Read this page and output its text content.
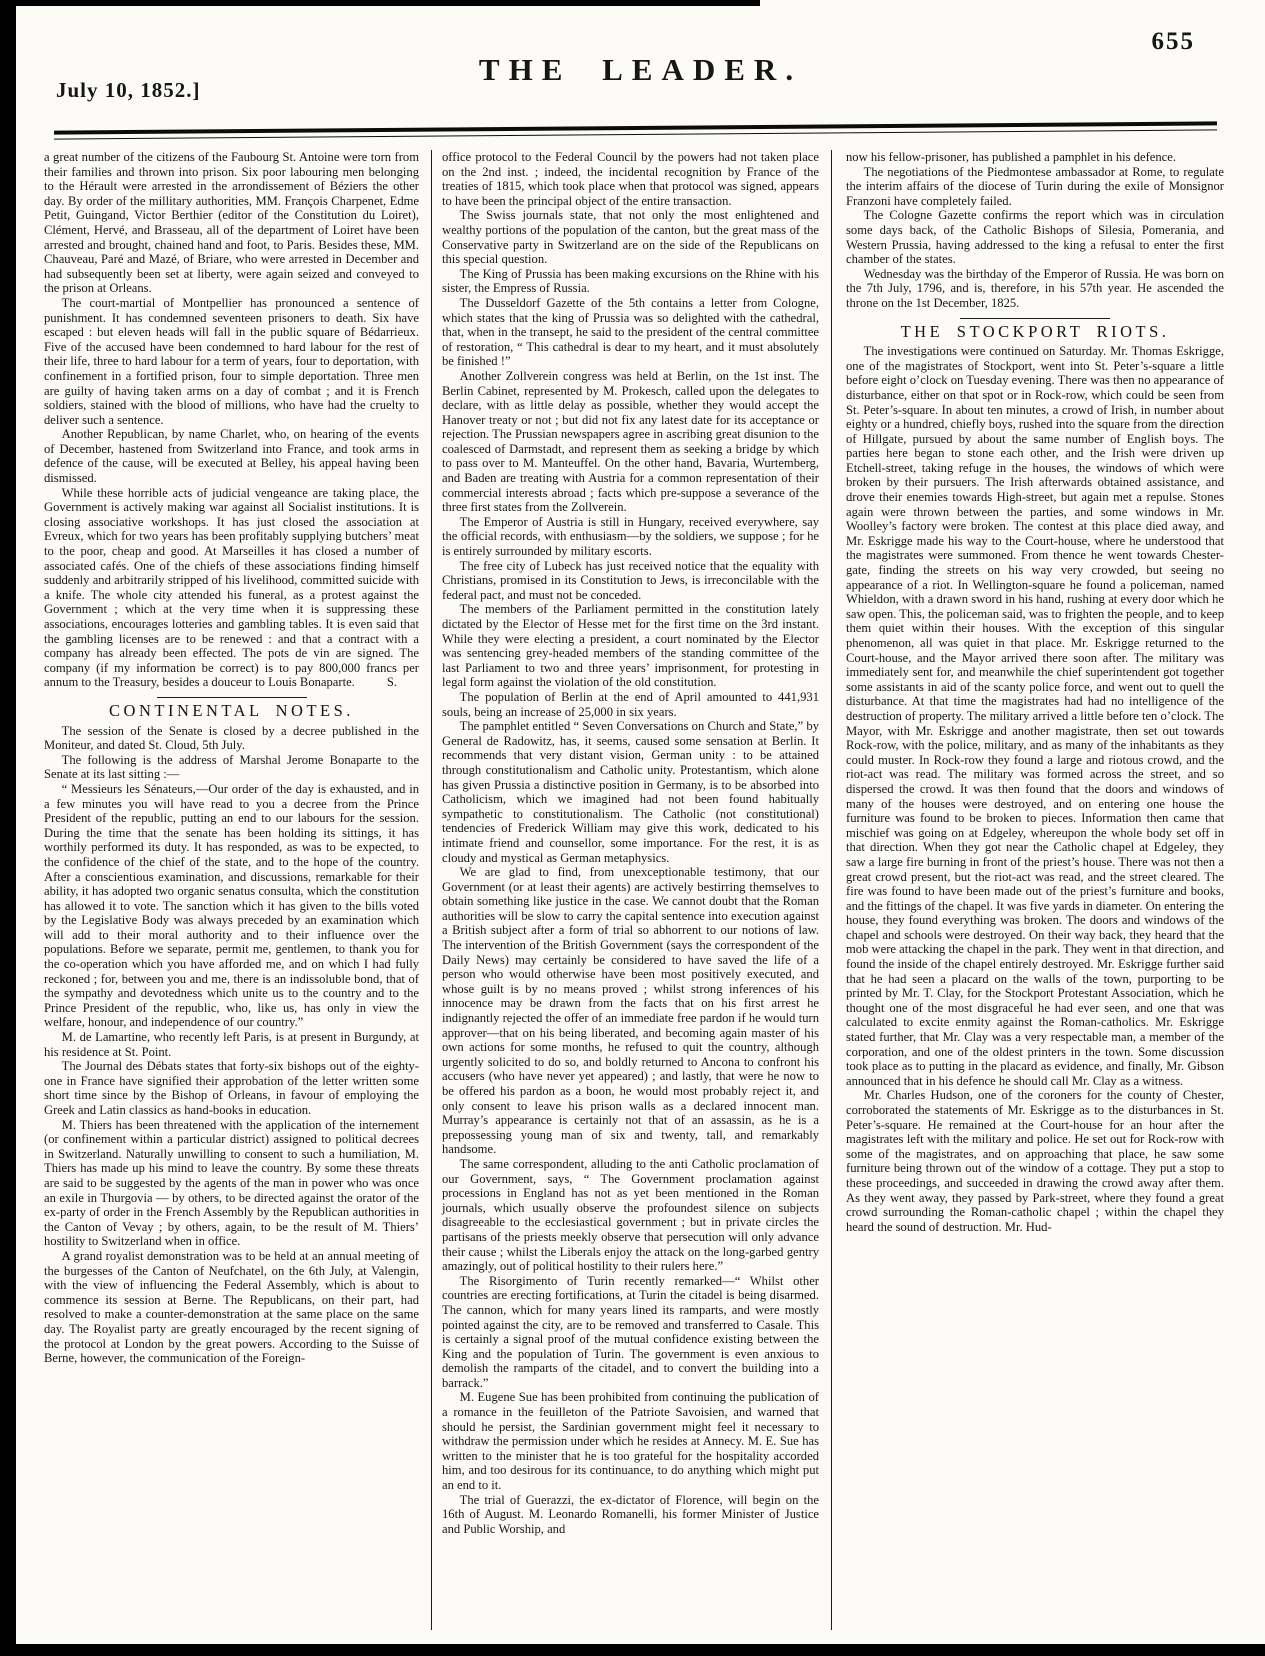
July 10, 1852.]
THE LEADER.
655

a great number of the citizens of the Faubourg St. Antoine were torn from their families and thrown into prison. Six poor labouring men belonging to the Hérault were arrested in the arrondissement of Béziers the other day. By order of the millitary authorities, MM. François Charpenet, Edme Petit, Guingand, Victor Berthier (editor of the Constitution du Loiret), Clément, Hervé, and Brasseau, all of the department of Loiret have been arrested and brought, chained hand and foot, to Paris. Besides these, MM. Chauveau, Paré and Mazé, of Briare, who were arrested in December and had subsequently been set at liberty, were again seized and conveyed to the prison at Orleans.

The court-martial of Montpellier has pronounced a sentence of punishment. It has condemned seventeen prisoners to death. Six have escaped : but eleven heads will fall in the public square of Bédarrieux. Five of the accused have been condemned to hard labour for the rest of their life, three to hard labour for a term of years, four to deportation, with confinement in a fortified prison, four to simple deportation. Three men are guilty of having taken arms on a day of combat ; and it is French soldiers, stained with the blood of millions, who have had the cruelty to deliver such a sentence.

Another Republican, by name Charlet, who, on hearing of the events of December, hastened from Switzerland into France, and took arms in defence of the cause, will be executed at Belley, his appeal having been dismissed.

While these horrible acts of judicial vengeance are taking place, the Government is actively making war against all Socialist institutions. It is closing associative workshops. It has just closed the association at Evreux, which for two years has been profitably supplying butchers’ meat to the poor, cheap and good. At Marseilles it has closed a number of associated cafés. One of the chiefs of these associations finding himself suddenly and arbitrarily stripped of his livelihood, committed suicide with a knife. The whole city attended his funeral, as a protest against the Government ; which at the very time when it is suppressing these associations, encourages lotteries and gambling tables. It is even said that the gambling licenses are to be renewed : and that a contract with a company has already been effected. The pots de vin are signed. The company (if my information be correct) is to pay 800,000 francs per annum to the Treasury, besides a douceur to Louis Bonaparte.	S.
CONTINENTAL NOTES.

The session of the Senate is closed by a decree published in the Moniteur, and dated St. Cloud, 5th July.

The following is the address of Marshal Jerome Bonaparte to the Senate at its last sitting :—

“ Messieurs les Sénateurs,—Our order of the day is exhausted, and in a few minutes you will have read to you a decree from the Prince President of the republic, putting an end to our labours for the session. During the time that the senate has been holding its sittings, it has worthily performed its duty. It has responded, as was to be expected, to the confidence of the chief of the state, and to the hope of the country. After a conscientious examination, and discussions, remarkable for their ability, it has adopted two organic senatus consulta, which the constitution has allowed it to vote. The sanction which it has given to the bills voted by the Legislative Body was always preceded by an examination which will add to their moral authority and to their influence over the populations. Before we separate, permit me, gentlemen, to thank you for the co-operation which you have afforded me, and on which I had fully reckoned ; for, between you and me, there is an indissoluble bond, that of the sympathy and devotedness which unite us to the country and to the Prince President of the republic, who, like us, has only in view the welfare, honour, and independence of our country.”

M. de Lamartine, who recently left Paris, is at present in Burgundy, at his residence at St. Point.

The Journal des Débats states that forty-six bishops out of the eighty-one in France have signified their approbation of the letter written some short time since by the Bishop of Orleans, in favour of employing the Greek and Latin classics as hand-books in education.

M. Thiers has been threatened with the application of the internement (or confinement within a particular district) assigned to political decrees in Switzerland. Naturally unwilling to consent to such a humiliation, M. Thiers has made up his mind to leave the country. By some these threats are said to be suggested by the agents of the man in power who was once an exile in Thurgovia — by others, to be directed against the orator of the ex-party of order in the French Assembly by the Republican authorities in the Canton of Vevay ; by others, again, to be the result of M. Thiers’ hostility to Switzerland when in office.

A grand royalist demonstration was to be held at an annual meeting of the burgesses of the Canton of Neufchatel, on the 6th July, at Valengin, with the view of influencing the Federal Assembly, which is about to commence its session at Berne. The Republicans, on their part, had resolved to make a counter-demonstration at the same place on the same day. The Royalist party are greatly encouraged by the recent signing of the protocol at London by the great powers. According to the Suisse of Berne, however, the communication of the Foreign-

office protocol to the Federal Council by the powers had not taken place on the 2nd inst. ; indeed, the incidental recognition by France of the treaties of 1815, which took place when that protocol was signed, appears to have been the principal object of the entire transaction.

The Swiss journals state, that not only the most enlightened and wealthy portions of the population of the canton, but the great mass of the Conservative party in Switzerland are on the side of the Republicans on this special question.

The King of Prussia has been making excursions on the Rhine with his sister, the Empress of Russia.

The Dusseldorf Gazette of the 5th contains a letter from Cologne, which states that the king of Prussia was so delighted with the cathedral, that, when in the transept, he said to the president of the central committee of restoration, “ This cathedral is dear to my heart, and it must absolutely be finished !”

Another Zollverein congress was held at Berlin, on the 1st inst. The Berlin Cabinet, represented by M. Prokesch, called upon the delegates to declare, with as little delay as possible, whether they would accept the Hanover treaty or not ; but did not fix any latest date for its acceptance or rejection. The Prussian newspapers agree in ascribing great disunion to the coalesced of Darmstadt, and represent them as seeking a bridge by which to pass over to M. Manteuffel. On the other hand, Bavaria, Wurtemberg, and Baden are treating with Austria for a common representation of their commercial interests abroad ; facts which pre-suppose a severance of the three first states from the Zollverein.

The Emperor of Austria is still in Hungary, received everywhere, say the official records, with enthusiasm—by the soldiers, we suppose ; for he is entirely surrounded by military escorts.

The free city of Lubeck has just received notice that the equality with Christians, promised in its Constitution to Jews, is irreconcilable with the federal pact, and must not be conceded.

The members of the Parliament permitted in the constitution lately dictated by the Elector of Hesse met for the first time on the 3rd instant. While they were electing a president, a court nominated by the Elector was sentencing grey-headed members of the standing committee of the last Parliament to two and three years’ imprisonment, for protesting in legal form against the violation of the old constitution.

The population of Berlin at the end of April amounted to 441,931 souls, being an increase of 25,000 in six years.

The pamphlet entitled “ Seven Conversations on Church and State,” by General de Radowitz, has, it seems, caused some sensation at Berlin. It recommends that very distant vision, German unity : to be attained through constitutionalism and Catholic unity. Protestantism, which alone has given Prussia a distinctive position in Germany, is to be absorbed into Catholicism, which we imagined had not been found habitually sympathetic to constitutionalism. The Catholic (not constitutional) tendencies of Frederick William may give this work, dedicated to his intimate friend and counsellor, some importance. For the rest, it is as cloudy and mystical as German metaphysics.

We are glad to find, from unexceptionable testimony, that our Government (or at least their agents) are actively bestirring themselves to obtain something like justice in the case. We cannot doubt that the Roman authorities will be slow to carry the capital sentence into execution against a British subject after a form of trial so abhorrent to our notions of law. The intervention of the British Government (says the correspondent of the Daily News) may certainly be considered to have saved the life of a person who would otherwise have been most positively executed, and whose guilt is by no means proved ; whilst strong inferences of his innocence may be drawn from the facts that on his first arrest he indignantly rejected the offer of an immediate free pardon if he would turn approver—that on his being liberated, and becoming again master of his own actions for some months, he refused to quit the country, although urgently solicited to do so, and boldly returned to Ancona to confront his accusers (who have never yet appeared) ; and lastly, that were he now to be offered his pardon as a boon, he would most probably reject it, and only consent to leave his prison walls as a declared innocent man. Murray’s appearance is certainly not that of an assassin, as he is a prepossessing young man of six and twenty, tall, and remarkably handsome.

The same correspondent, alluding to the anti Catholic proclamation of our Government, says, “ The Government proclamation against processions in England has not as yet been mentioned in the Roman journals, which usually observe the profoundest silence on subjects disagreeable to the ecclesiastical government ; but in private circles the partisans of the priests meekly observe that persecution will only advance their cause ; whilst the Liberals enjoy the attack on the long-garbed gentry amazingly, out of political hostility to their rulers here.”

The Risorgimento of Turin recently remarked—“ Whilst other countries are erecting fortifications, at Turin the citadel is being disarmed. The cannon, which for many years lined its ramparts, and were mostly pointed against the city, are to be removed and transferred to Casale. This is certainly a signal proof of the mutual confidence existing between the King and the population of Turin. The government is even anxious to demolish the ramparts of the citadel, and to convert the building into a barrack.”

M. Eugene Sue has been prohibited from continuing the publication of a romance in the feuilleton of the Patriote Savoisien, and warned that should he persist, the Sardinian government might feel it necessary to withdraw the permission under which he resides at Annecy. M. E. Sue has written to the minister that he is too grateful for the hospitality accorded him, and too desirous for its continuance, to do anything which might put an end to it.

The trial of Guerazzi, the ex-dictator of Florence, will begin on the 16th of August. M. Leonardo Romanelli, his former Minister of Justice and Public Worship, and

now his fellow-prisoner, has published a pamphlet in his defence.

The negotiations of the Piedmontese ambassador at Rome, to regulate the interim affairs of the diocese of Turin during the exile of Monsignor Franzoni have completely failed.

The Cologne Gazette confirms the report which was in circulation some days back, of the Catholic Bishops of Silesia, Pomerania, and Western Prussia, having addressed to the king a refusal to enter the first chamber of the states.

Wednesday was the birthday of the Emperor of Russia. He was born on the 7th July, 1796, and is, therefore, in his 57th year. He ascended the throne on the 1st December, 1825.

THE STOCKPORT RIOTS.

The investigations were continued on Saturday. Mr. Thomas Eskrigge, one of the magistrates of Stockport, went into St. Peter’s-square a little before eight o’clock on Tuesday evening. There was then no appearance of disturbance, either on that spot or in Rock-row, which could be seen from St. Peter’s-square. In about ten minutes, a crowd of Irish, in number about eighty or a hundred, chiefly boys, rushed into the square from the direction of Hillgate, pursued by about the same number of English boys. The parties here began to stone each other, and the Irish were driven up Etchell-street, taking refuge in the houses, the windows of which were broken by their pursuers. The Irish afterwards obtained assistance, and drove their enemies towards High-street, but again met a repulse. Stones again were thrown between the parties, and some windows in Mr. Woolley’s factory were broken. The contest at this place died away, and Mr. Eskrigge made his way to the Court-house, where he understood that the magistrates were summoned. From thence he went towards Chester-gate, finding the streets on his way very crowded, but seeing no appearance of a riot. In Wellington-square he found a policeman, named Whieldon, with a drawn sword in his hand, rushing at every door which he saw open. This, the policeman said, was to frighten the people, and to keep them quiet within their houses. With the exception of this singular phenomenon, all was quiet in that place. Mr. Eskrigge returned to the Court-house, and the Mayor arrived there soon after. The military was immediately sent for, and meanwhile the chief superintendent got together some assistants in aid of the scanty police force, and went out to quell the disturbance. At that time the magistrates had had no intelligence of the destruction of property. The military arrived a little before ten o’clock. The Mayor, with Mr. Eskrigge and another magistrate, then set out towards Rock-row, with the police, military, and as many of the inhabitants as they could muster. In Rock-row they found a large and riotous crowd, and the riot-act was read. The military was formed across the street, and so dispersed the crowd. It was then found that the doors and windows of many of the houses were destroyed, and on entering one house the furniture was found to be broken to pieces. Information then came that mischief was going on at Edgeley, whereupon the whole body set off in that direction. When they got near the Catholic chapel at Edgeley, they saw a large fire burning in front of the priest’s house. There was not then a great crowd present, but the riot-act was read, and the street cleared. The fire was found to have been made out of the priest’s furniture and books, and the fittings of the chapel. It was five yards in diameter. On entering the house, they found everything was broken. The doors and windows of the chapel and schools were destroyed. On their way back, they heard that the mob were attacking the chapel in the park. They went in that direction, and found the inside of the chapel entirely destroyed. Mr. Eskrigge further said that he had seen a placard on the walls of the town, purporting to be printed by Mr. T. Clay, for the Stockport Protestant Association, which he thought one of the most disgraceful he had ever seen, and one that was calculated to excite enmity against the Roman-catholics. Mr. Eskrigge stated further, that Mr. Clay was a very respectable man, a member of the corporation, and one of the oldest printers in the town. Some discussion took place as to putting in the placard as evidence, and finally, Mr. Gibson announced that in his defence he should call Mr. Clay as a witness.

Mr. Charles Hudson, one of the coroners for the county of Chester, corroborated the statements of Mr. Eskrigge as to the disturbances in St. Peter’s-square. He remained at the Court-house for an hour after the magistrates left with the military and police. He set out for Rock-row with some of the magistrates, and on approaching that place, he saw some furniture being thrown out of the window of a cottage. They put a stop to these proceedings, and succeeded in drawing the crowd away after them. As they went away, they passed by Park-street, where they found a great crowd surrounding the Roman-catholic chapel ; within the chapel they heard the sound of destruction. Mr. Hud-
